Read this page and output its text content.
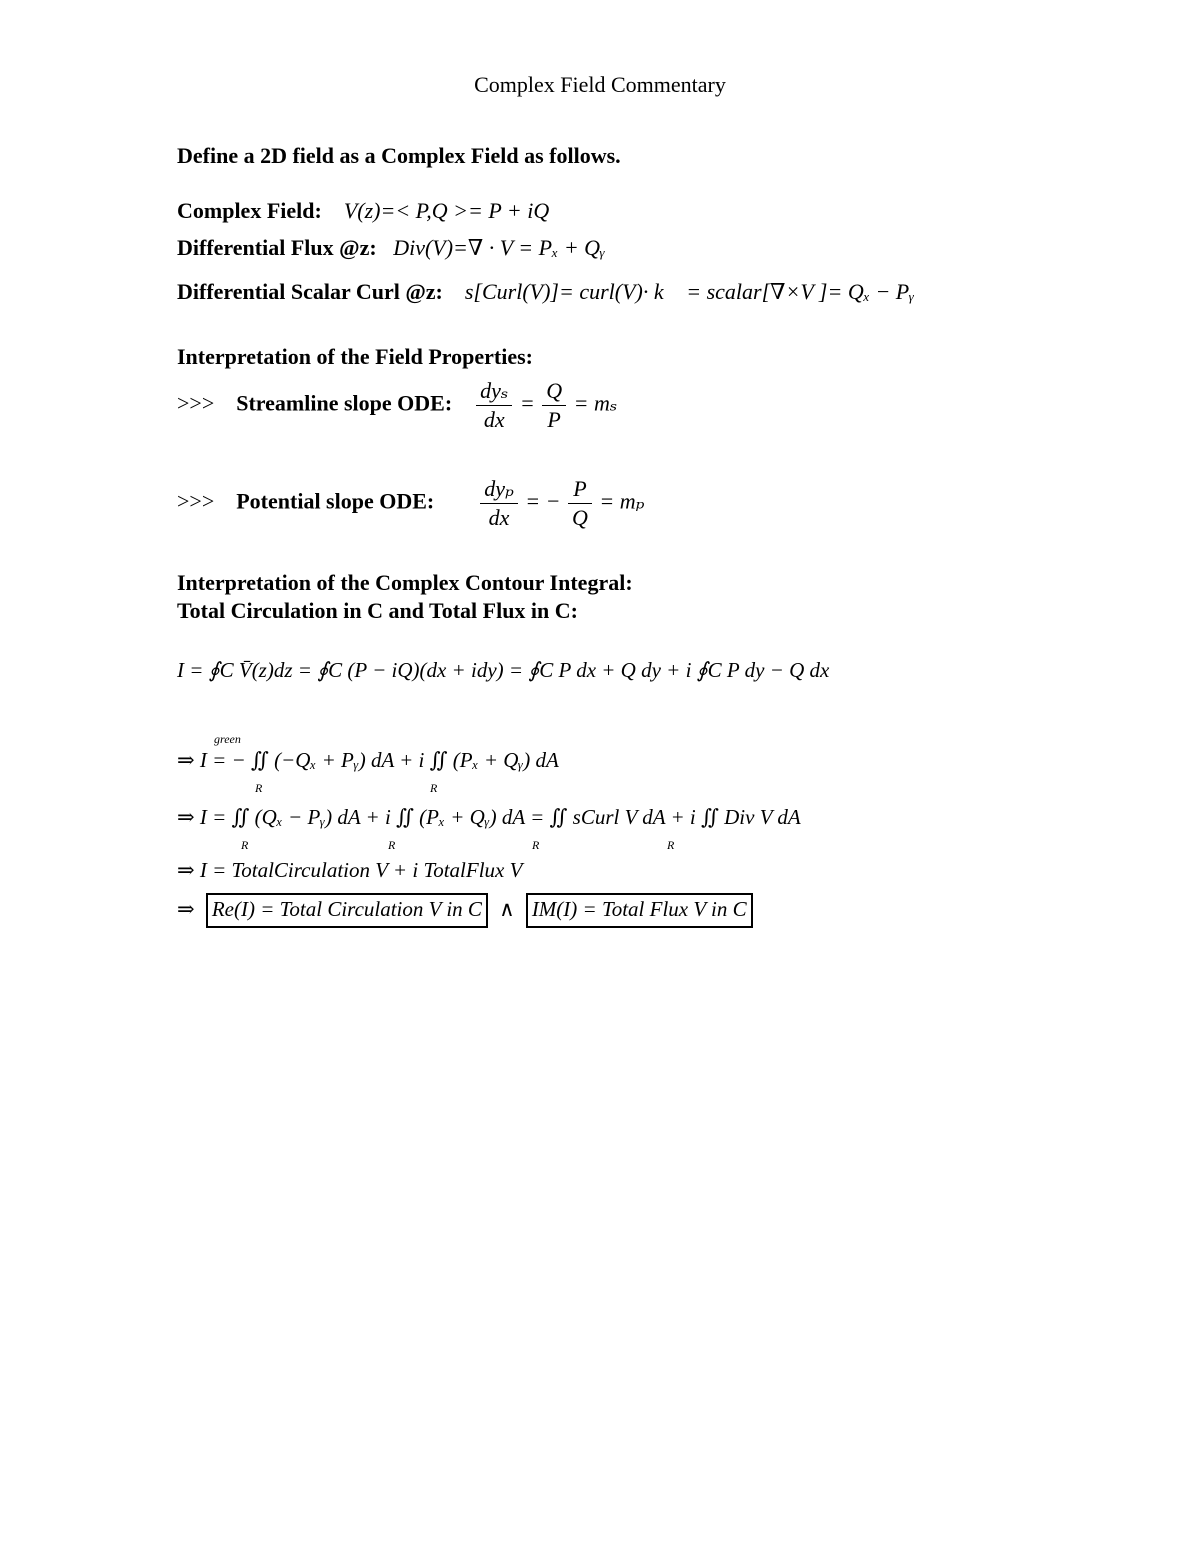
Complex Field Commentary
Define a 2D field as a Complex Field as follows.
Complex Field: V(z)=< P,Q >= P + iQ
Differential Flux @z: Div(V)=∇ · V = Pₓ + Qᵧ
Differential Scalar Curl @z: s[Curl(V)]= curl(V)· k⃗ = scalar[∇×V ]= Qₓ − Pᵧ
Interpretation of the Field Properties:
>>> Streamline slope ODE: $\frac{\text{dyₛ}}{dx} = \frac{Q}{P} = m_s$
>>> Potential slope ODE: $\frac{\text{dyₚ}}{dx}$ = − $\frac{P}{Q} = m_p$
Interpretation of the Complex Contour Integral:
Total Circulation in C and Total Flux in C:
I = ∮C V̄(z)dz = ∮C (P − iQ)(dx + idy) = ∮C P dx + Q dy + i ∮C P dy − Q dx
green
⇒ I = − ∬ (−Qₓ + Pᵧ) dA + i ∬ (Pₓ + Qᵧ) dA
R	R
⇒ I = ∬ (Qₓ − Pᵧ) dA + i ∬ (Pₓ + Qᵧ) dA = ∬ sCurl V dA + i ∬ Div V dA
R	R	R	R
⇒ I = TotalCirculation V + i TotalFlux V
⇒ Re(I) = Total Circulation V in C ∧ IM(I) = Total Flux V in C
